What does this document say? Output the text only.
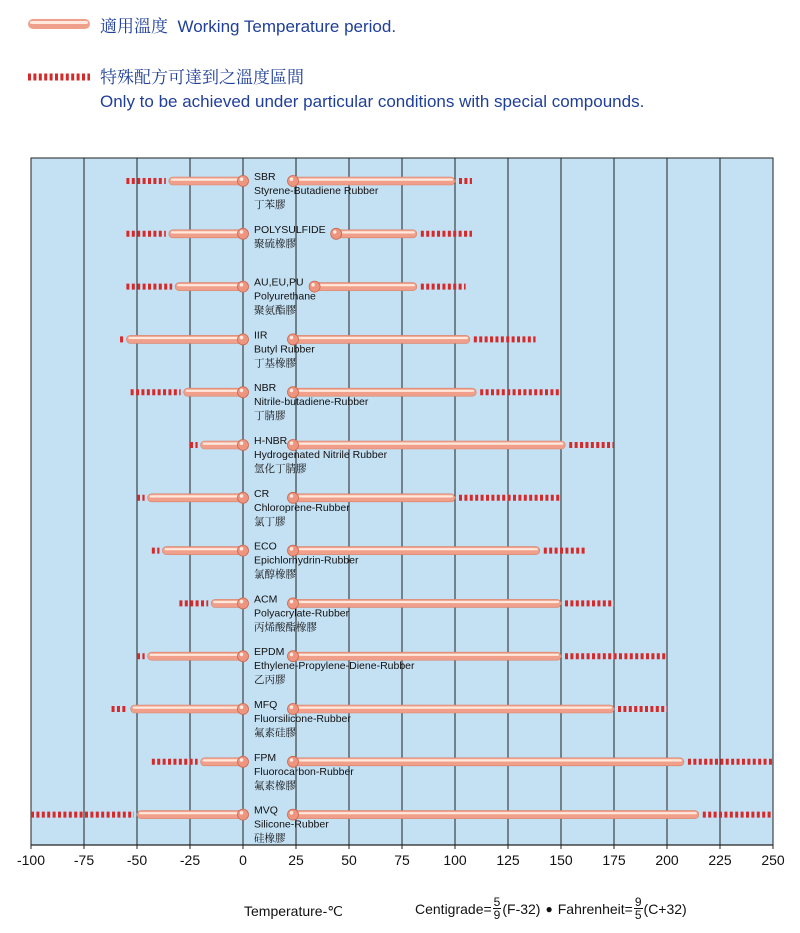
適用溫度 Working Temperature period.
特殊配方可達到之溫度區間
Only to be achieved under particular conditions with special compounds.
-100 -75 -50 -25	0	25	50	75 100 125 150 175 200 225 250
SBR
Styrene-Butadiene Rubber
丁苯膠
POLYSULFIDE
聚硫橡膠
AU,EU,PU
Polyurethane
聚氨酯膠
IIR
Butyl Rubber
丁基橡膠
NBR
Nitrile-butadiene-Rubber
丁腈膠
H-NBR
Hydrogenated Nitrile Rubber
氫化丁腈膠
CR
Chloroprene-Rubber
氯丁膠
ECO
Epichlorhydrin-Rubber
氯醇橡膠
ACM
Polyacrylate-Rubber
丙烯酸酯橡膠
EPDM
Ethylene-Propylene-Diene-Rubber
乙丙膠
MFQ
Fluorsilicone-Rubber
氟素硅膠
FPM
Fluorocarbon-Rubber
氟素橡膠
MVQ
Silicone-Rubber
硅橡膠
Temperature-℃	Centigrade= $\frac{5}{9} (F-32)$ ● Fahrenheit= $\frac{9}{5} (C+32)$
